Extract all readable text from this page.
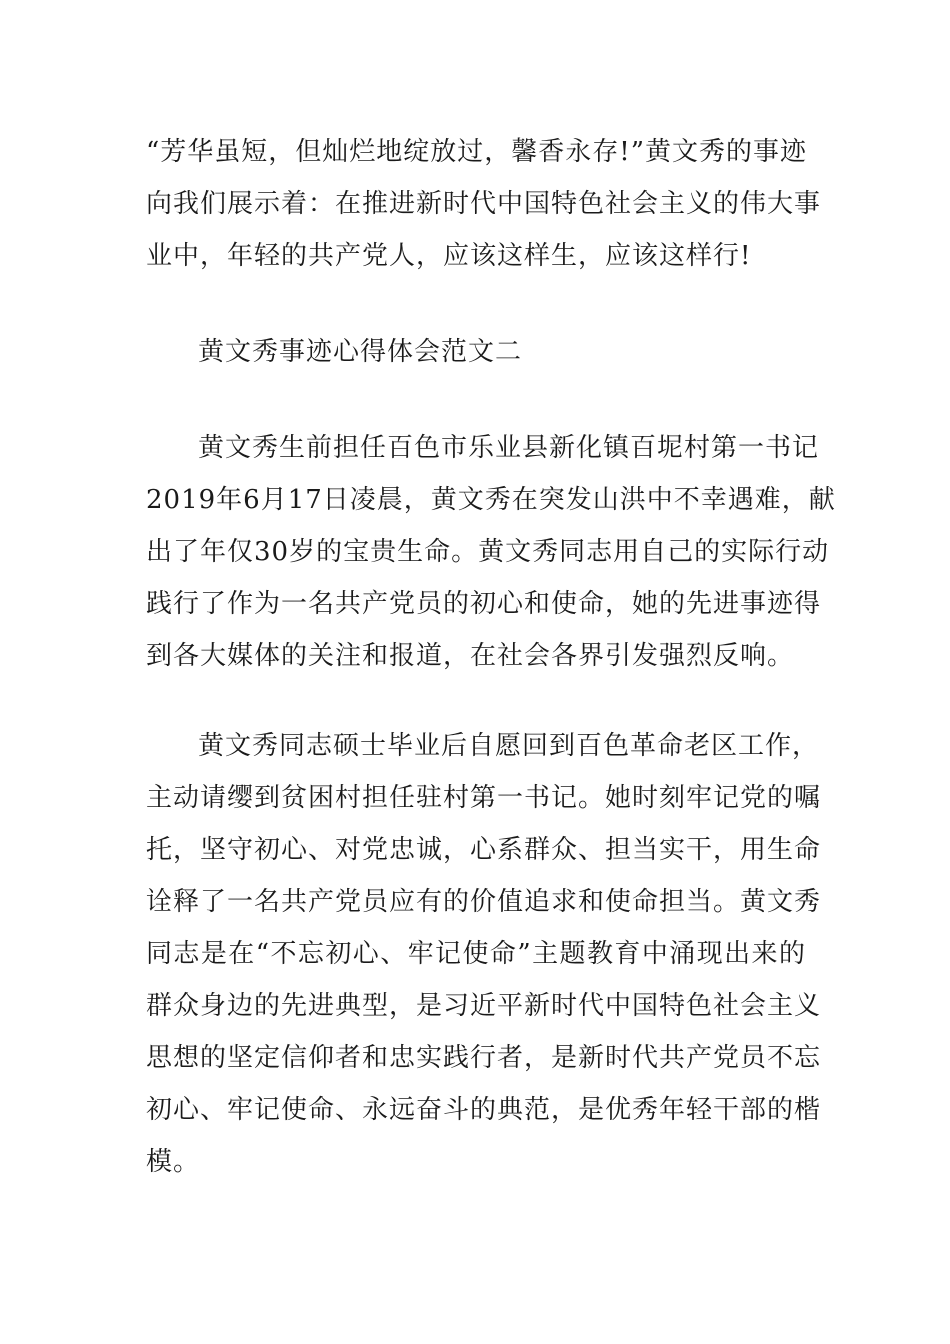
“芳华虽短，但灿烂地绽放过，馨香永存!”黄文秀的事迹
向我们展示着：在推进新时代中国特色社会主义的伟大事
业中，年轻的共产党人，应该这样生，应该这样行!
黄文秀事迹心得体会范文二
黄文秀生前担任百色市乐业县新化镇百坭村第一书记
2019年6月17日凌晨，黄文秀在突发山洪中不幸遇难，献
出了年仅30岁的宝贵生命。黄文秀同志用自己的实际行动
践行了作为一名共产党员的初心和使命，她的先进事迹得
到各大媒体的关注和报道，在社会各界引发强烈反响。
黄文秀同志硕士毕业后自愿回到百色革命老区工作，
主动请缨到贫困村担任驻村第一书记。她时刻牢记党的嘱
托，坚守初心、对党忠诚，心系群众、担当实干，用生命
诠释了一名共产党员应有的价值追求和使命担当。黄文秀
同志是在“不忘初心、牢记使命”主题教育中涌现出来的
群众身边的先进典型，是习近平新时代中国特色社会主义
思想的坚定信仰者和忠实践行者，是新时代共产党员不忘
初心、牢记使命、永远奋斗的典范，是优秀年轻干部的楷
模。
